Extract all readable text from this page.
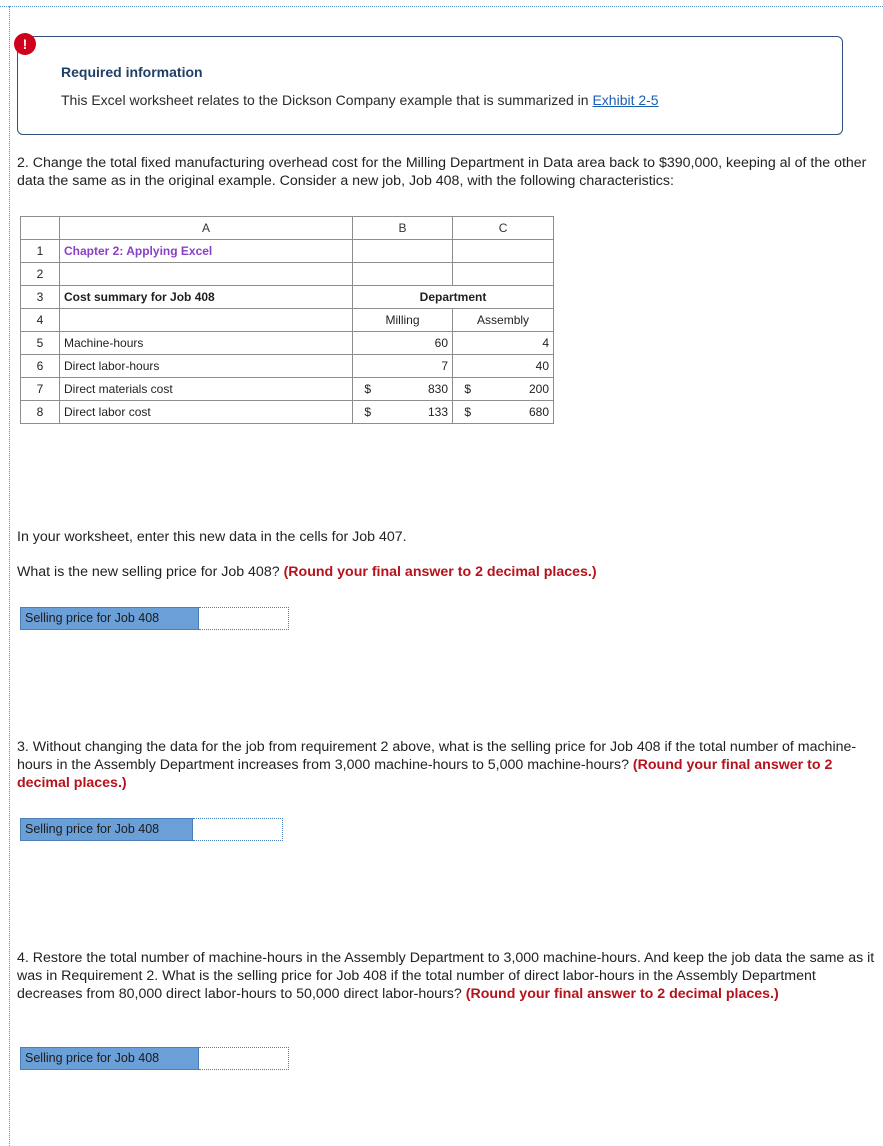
Required information
This Excel worksheet relates to the Dickson Company example that is summarized in Exhibit 2-5
!
2. Change the total fixed manufacturing overhead cost for the Milling Department in Data area back to $390,000, keeping al of the other data the same as in the original example. Consider a new job, Job 408, with the following characteristics:
	A	B		C	
1	Chapter 2: Applying Excel				
2					
3	Cost summary for Job 408	Department			
4		Milling		Assembly	
5	Machine-hours		60		4
6	Direct labor-hours		7		40
7	Direct materials cost	$	830	$	200
8	Direct labor cost	$	133	$	680
In your worksheet, enter this new data in the cells for Job 407.
What is the new selling price for Job 408? (Round your final answer to 2 decimal places.)
Selling price for Job 408
3. Without changing the data for the job from requirement 2 above, what is the selling price for Job 408 if the total number of machine-hours in the Assembly Department increases from 3,000 machine-hours to 5,000 machine-hours? (Round your final answer to 2 decimal places.)
Selling price for Job 408
4. Restore the total number of machine-hours in the Assembly Department to 3,000 machine-hours. And keep the job data the same as it was in Requirement 2. What is the selling price for Job 408 if the total number of direct labor-hours in the Assembly Department decreases from 80,000 direct labor-hours to 50,000 direct labor-hours? (Round your final answer to 2 decimal places.)
Selling price for Job 408
